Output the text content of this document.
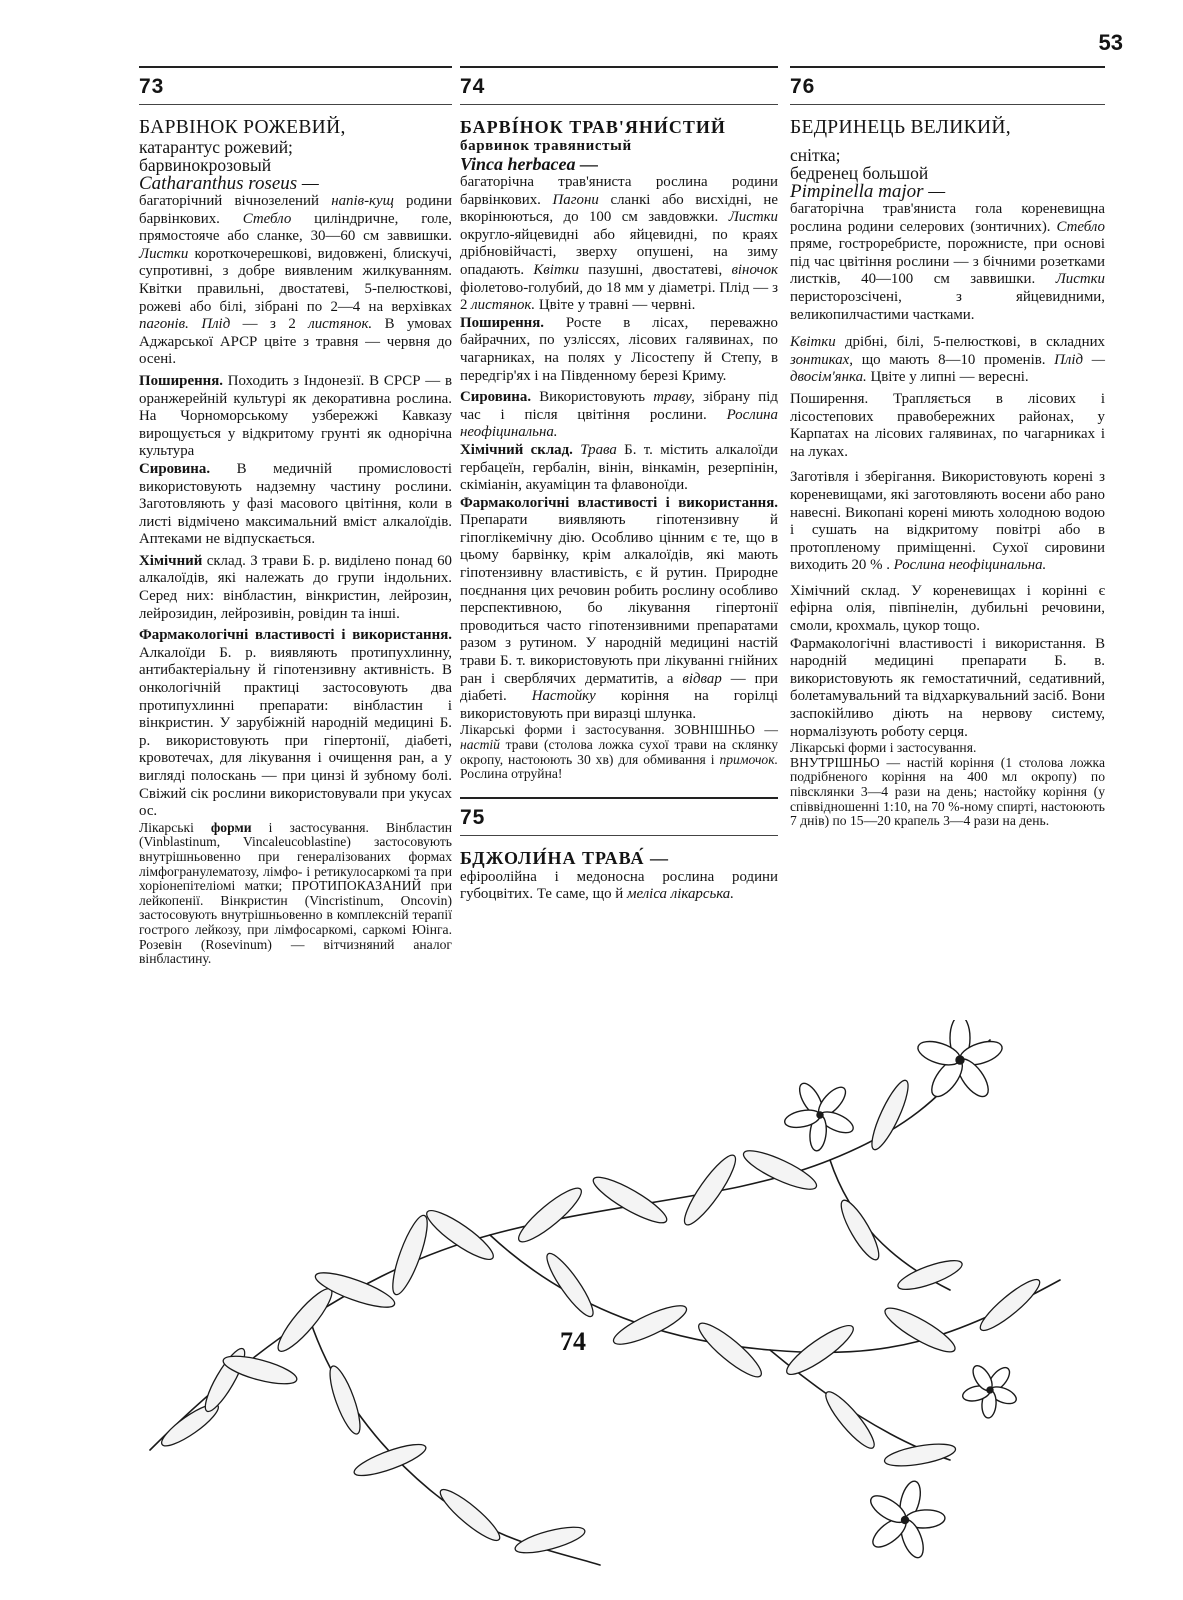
53
73
БАРВІНОК РОЖЕВИЙ,
катарантус рожевий;
барвинокрозовый
Catharanthus roseus —

багаторічний вічнозелений напів-кущ родини барвінкових. Стебло циліндричне, голе, прямостояче або сланке, 30—60 см заввишки. Листки короткочерешкові, видовжені, блискучі, супротивні, з добре виявленим жилкуванням. Квітки правильні, двостатеві, 5-пелюсткові, рожеві або білі, зібрані по 2—4 на верхівках пагонів. Плід — з 2 листянок. В умовах Аджарської АРСР цвіте з травня — червня до осені.

Поширення. Походить з Індонезії. В СРСР — в оранжерейній культурі як декоративна рослина. На Чорноморському узбережжі Кавказу вирощується у відкритому грунті як однорічна культура

Сировина. В медичній промисловості використовують надземну частину рослини. Заготовляють у фазі масового цвітіння, коли в листі відмічено максимальний вміст алкалоїдів. Аптеками не відпускається.

Хімічний склад. З трави Б. р. виділено понад 60 алкалоїдів, які належать до групи індольних. Серед них: вінбластин, вінкристин, лейрозин, лейрозидин, лейрозивін, ровідин та інші.

Фармакологічні властивості і використання. Алкалоїди Б. р. виявляють протипухлинну, антибактеріальну й гіпотензивну активність. В онкологічній практиці застосовують два протипухлинні препарати: вінбластин і вінкристин. У зарубіжній народній медицині Б. р. використовують при гіпертонії, діабеті, кровотечах, для лікування і очищення ран, а у вигляді полоскань — при цинзі й зубному болі. Свіжий сік рослини використовували при укусах ос.

Лікарські форми і застосування. Вінбластин (Vinblastinum, Vincaleucoblastine) застосовують внутрішньовенно при генералізованих формах лімфогранулематозу, лімфо- і ретикулосаркомі та при хоріонепітеліомі матки; ПРОТИПОКАЗАНИЙ при лейкопенії. Вінкристин (Vincristinum, Oncovin) застосовують внутрішньовенно в комплексній терапії гострого лейкозу, при лімфосаркомі, саркомі Юінга. Розевін (Rosevinum) — вітчизняний аналог вінбластину.

74
БАРВІ́НОК ТРАВ'ЯНИ́СТИЙ
барвинок травянистый
Vinca herbacea —

багаторічна трав'яниста рослина родини барвінкових. Пагони сланкі або висхідні, не вкорінюються, до 100 см завдовжки. Листки округло-яйцевидні або яйцевидні, по краях дрібновійчасті, зверху опушені, на зиму опадають. Квітки пазушні, двостатеві, віночок фіолетово-голубий, до 18 мм у діаметрі. Плід — з 2 листянок. Цвіте у травні — червні.

Поширення. Росте в лісах, переважно байрачних, по узліссях, лісових галявинах, по чагарниках, на полях у Лісостепу й Степу, в передгір'ях і на Південному березі Криму.

Сировина. Використовують траву, зібрану під час і після цвітіння рослини. Рослина неофіцинальна.

Хімічний склад. Трава Б. т. містить алкалоїди гербацеїн, гербалін, вінін, вінкамін, резерпінін, скіміанін, акуаміцин та флавоноїди.

Фармакологічні властивості і використання. Препарати виявляють гіпотензивну й гіпоглікемічну дію. Особливо цінним є те, що в цьому барвінку, крім алкалоїдів, які мають гіпотензивну властивість, є й рутин. Природне поєднання цих речовин робить рослину особливо перспективною, бо лікування гіпертонії проводиться часто гіпотензивними препаратами разом з рутином. У народній медицині настій трави Б. т. використовують при лікуванні гнійних ран і сверблячих дерматитів, а відвар — при діабеті. Настойку коріння на горілці використовують при виразці шлунка.

Лікарські форми і застосування. ЗОВНІШНЬО — настій трави (столова ложка сухої трави на склянку окропу, настоюють 30 хв) для обмивання і примочок. Рослина отруйна!

75
БДЖОЛИ́НА ТРАВА́ —

ефіроолійна і медоносна рослина родини губоцвітих. Те саме, що й меліса лікарська.

76
БЕДРИНЕЦЬ ВЕЛИКИЙ,
снітка;
бедренец большой
Pimpinella major —

багаторічна трав'яниста гола кореневищна рослина родини селерових (зонтичних). Стебло пряме, гостроребристе, порожнисте, при основі під час цвітіння рослини — з бічними розетками листків, 40—100 см заввишки. Листки перисторозсічені, з яйцевидними, великопилчастими частками.

Квітки дрібні, білі, 5-пелюсткові, в складних зонтиках, що мають 8—10 променів. Плід — двосім'янка. Цвіте у липні — вересні.

Поширення. Трапляється в лісових і лісостепових правобережних районах, у Карпатах на лісових галявинах, по чагарниках і на луках.

Заготівля і зберігання. Використовують корені з кореневищами, які заготовляють восени або рано навесні. Викопані корені миють холодною водою і сушать на відкритому повітрі або в протопленому приміщенні. Сухої сировини виходить 20 % . Рослина неофіцинальна.

Хімічний склад. У кореневищах і корінні є ефірна олія, півпінелін, дубильні речовини, смоли, крохмаль, цукор тощо.

Фармакологічні властивості і використання. В народній медицині препарати Б. в. використовують як гемостатичний, седативний, болетамувальний та відхаркувальний засіб. Вони заспокійливо діють на нервову систему, нормалізують роботу серця.

Лікарські форми і застосування.

ВНУТРІШНЬО — настій коріння (1 столова ложка подрібненого коріння на 400 мл окропу) по півсклянки 3—4 рази на день; настойку коріння (у співвідношенні 1:10, на 70 %-ному спирті, настоюють 7 днів) по 15—20 крапель 3—4 рази на день.

74
